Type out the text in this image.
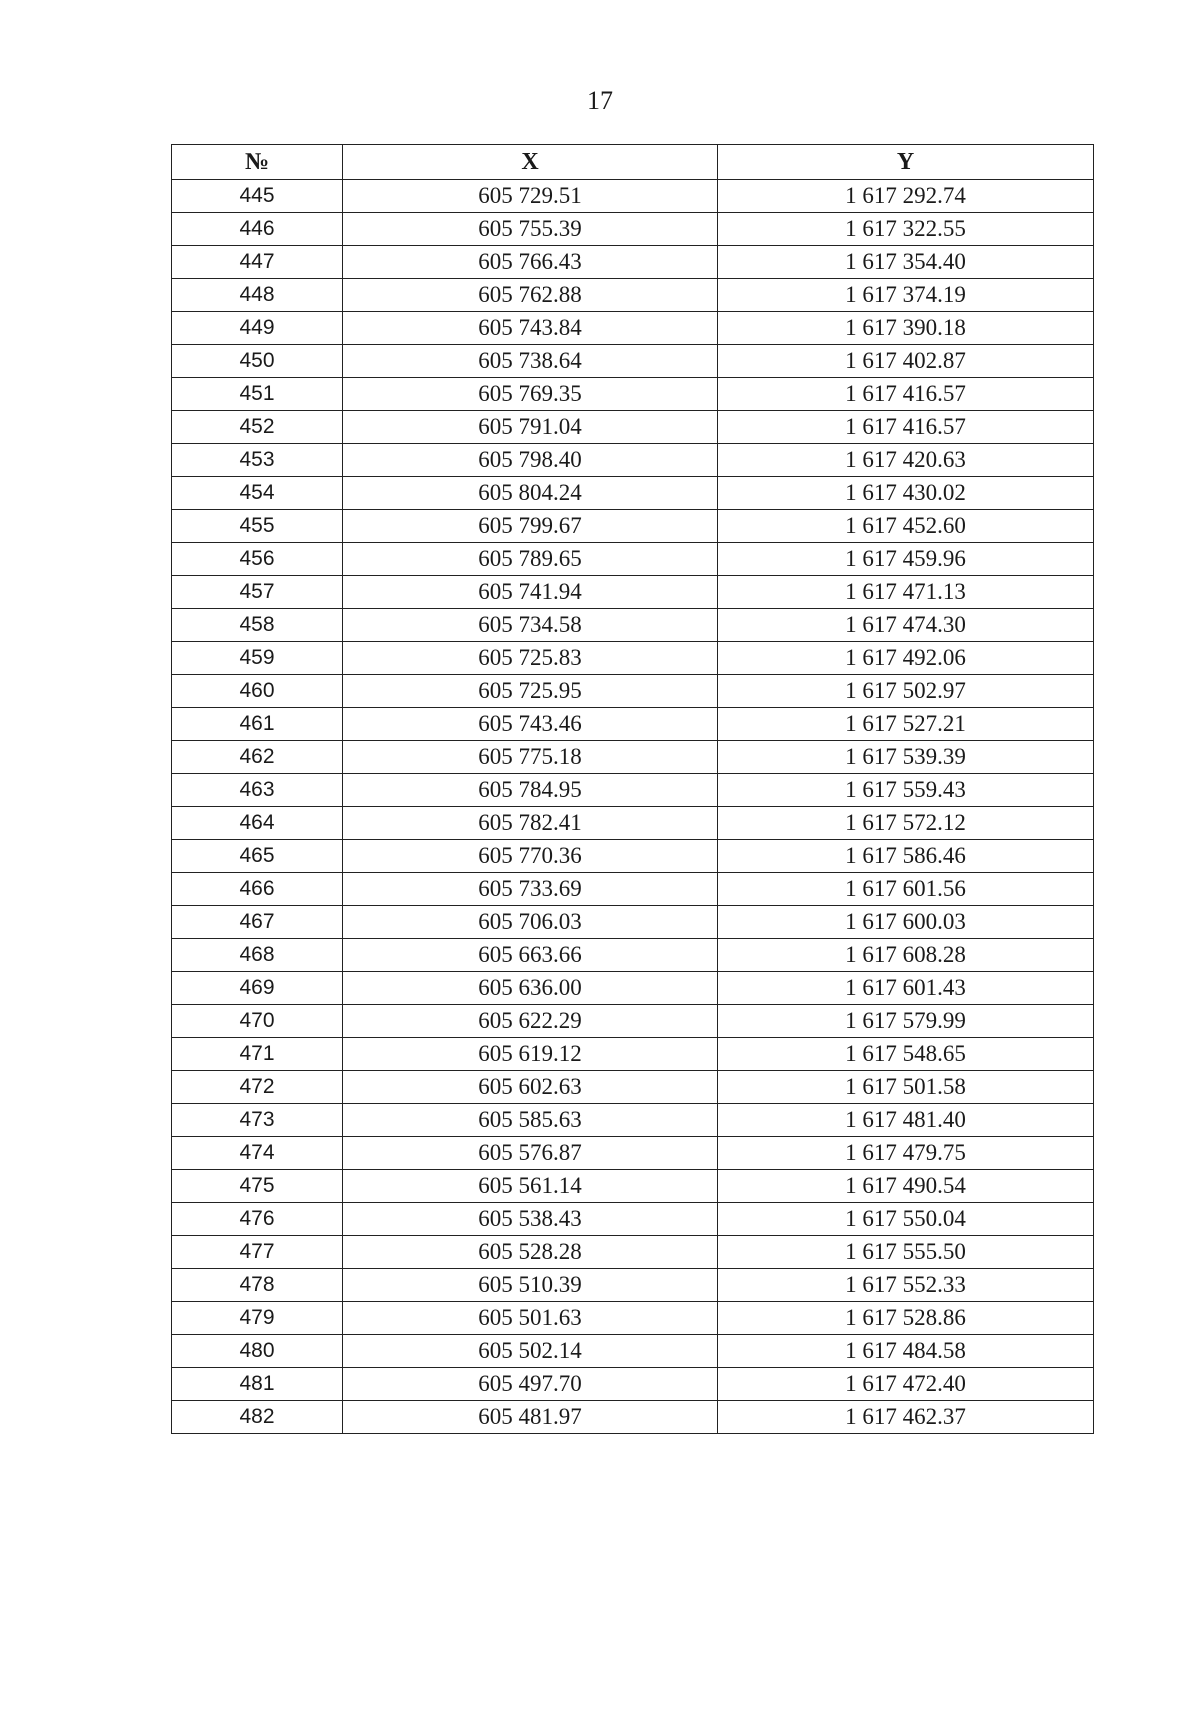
17
№	X	Y
445	605 729.51	1 617 292.74
446	605 755.39	1 617 322.55
447	605 766.43	1 617 354.40
448	605 762.88	1 617 374.19
449	605 743.84	1 617 390.18
450	605 738.64	1 617 402.87
451	605 769.35	1 617 416.57
452	605 791.04	1 617 416.57
453	605 798.40	1 617 420.63
454	605 804.24	1 617 430.02
455	605 799.67	1 617 452.60
456	605 789.65	1 617 459.96
457	605 741.94	1 617 471.13
458	605 734.58	1 617 474.30
459	605 725.83	1 617 492.06
460	605 725.95	1 617 502.97
461	605 743.46	1 617 527.21
462	605 775.18	1 617 539.39
463	605 784.95	1 617 559.43
464	605 782.41	1 617 572.12
465	605 770.36	1 617 586.46
466	605 733.69	1 617 601.56
467	605 706.03	1 617 600.03
468	605 663.66	1 617 608.28
469	605 636.00	1 617 601.43
470	605 622.29	1 617 579.99
471	605 619.12	1 617 548.65
472	605 602.63	1 617 501.58
473	605 585.63	1 617 481.40
474	605 576.87	1 617 479.75
475	605 561.14	1 617 490.54
476	605 538.43	1 617 550.04
477	605 528.28	1 617 555.50
478	605 510.39	1 617 552.33
479	605 501.63	1 617 528.86
480	605 502.14	1 617 484.58
481	605 497.70	1 617 472.40
482	605 481.97	1 617 462.37
